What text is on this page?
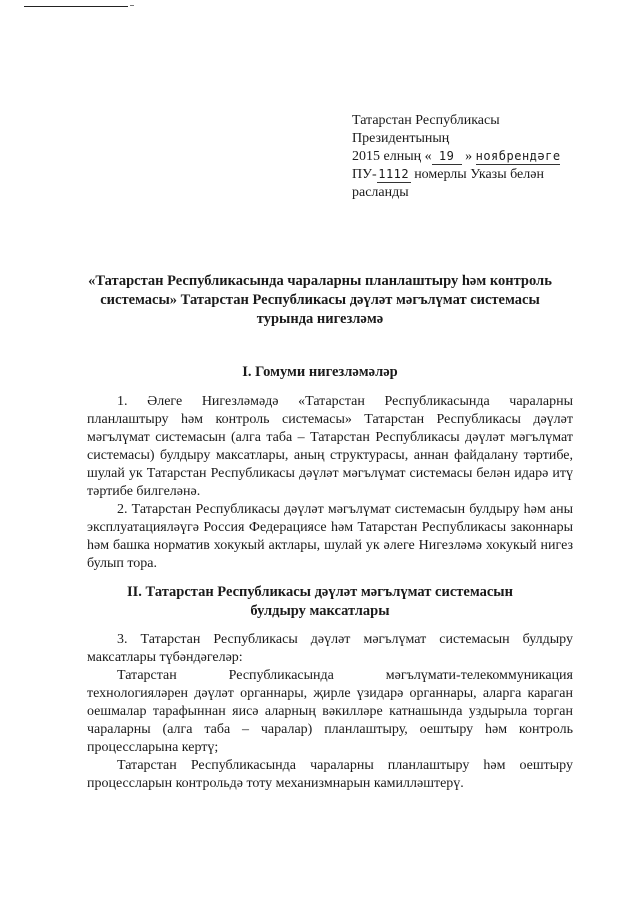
Татарстан Республикасы
Президентының
2015 елның « 19 » ноябрендәге
ПУ- 1112 номерлы Указы белән
расланды
«Татарстан Республикасында чараларны планлаштыру һәм контроль
системасы» Татарстан Республикасы дәүләт мәгълүмат системасы
турында нигезләмә
I. Гомуми нигезләмәләр

1. Әлеге Нигезләмәдә «Татарстан Республикасында чараларны планлаштыру һәм контроль системасы» Татарстан Республикасы дәүләт мәгълүмат системасын (алга таба – Татарстан Республикасы дәүләт мәгълүмат системасы) булдыру максатлары, аның структурасы, аннан файдалану тәртибе, шулай ук Татарстан Республикасы дәүләт мәгълүмат системасы белән идарә итү тәртибе билгеләнә.

2. Татарстан Республикасы дәүләт мәгълүмат системасын булдыру һәм аны эксплуатацияләүгә Россия Федерациясе һәм Татарстан Республикасы законнары һәм башка норматив хокукый актлары, шулай ук әлеге Нигезләмә хокукый нигез булып тора.

II. Татарстан Республикасы дәүләт мәгълүмат системасын
булдыру максатлары

3. Татарстан Республикасы дәүләт мәгълүмат системасын булдыру максатлары түбәндәгеләр:

Татарстан Республикасында мәгълүмати-телекоммуникация технологияләрен дәүләт органнары, җирле үзидарә органнары, аларга караган оешмалар тарафыннан яисә аларның вәкилләре катнашында уздырыла торган чараларны (алга таба – чаралар) планлаштыру, оештыру һәм контроль процессларына кертү;

Татарстан Республикасында чараларны планлаштыру һәм оештыру процессларын контрольдә тоту механизмнарын камилләштерү.
